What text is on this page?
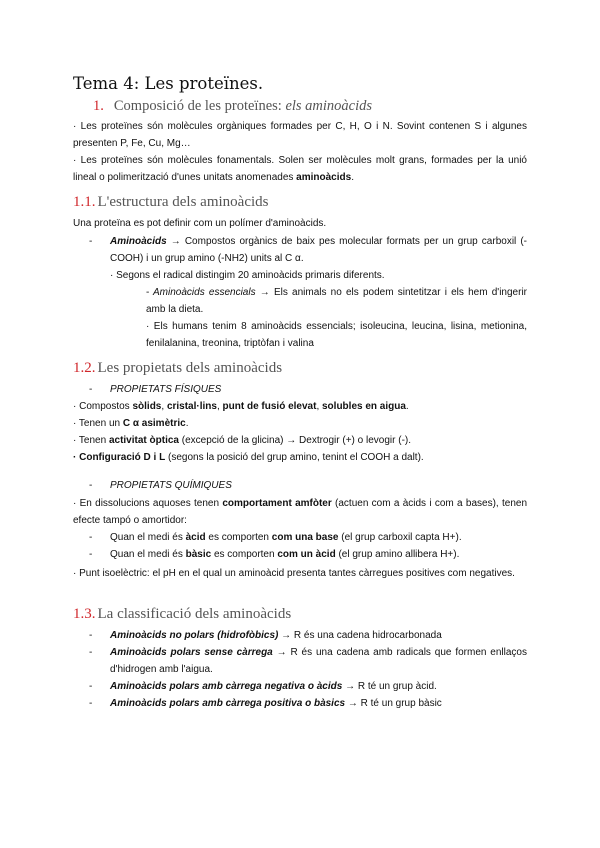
Tema 4: Les proteïnes.
1. Composició de les proteïnes: els aminoàcids
· Les proteïnes són molècules orgàniques formades per C, H, O i N. Sovint contenen S i algunes presenten P, Fe, Cu, Mg…
· Les proteïnes són molècules fonamentals. Solen ser molècules molt grans, formades per la unió lineal o polimerització d'unes unitats anomenades aminoàcids.
1.1. L'estructura dels aminoàcids
Una proteïna es pot definir com un polímer d'aminoàcids.
- Aminoàcids → Compostos orgànics de baix pes molecular formats per un grup carboxil (-COOH) i un grup amino (-NH2) units al C α.
· Segons el radical distingim 20 aminoàcids primaris diferents.
- Aminoàcids essencials → Els animals no els podem sintetitzar i els hem d'ingerir amb la dieta.
· Els humans tenim 8 aminoàcids essencials; isoleucina, leucina, lisina, metionina, fenilalanina, treonina, triptòfan i valina
1.2. Les propietats dels aminoàcids
- PROPIETATS FÍSIQUES
· Compostos sòlids, cristal·lins, punt de fusió elevat, solubles en aigua.
· Tenen un C α asimètric.
· Tenen activitat òptica (excepció de la glicina) → Dextrogir (+) o levogir (-).
· Configuració D i L (segons la posició del grup amino, tenint el COOH a dalt).
- PROPIETATS QUÍMIQUES
· En dissolucions aquoses tenen comportament amfòter (actuen com a àcids i com a bases), tenen efecte tampó o amortidor:
- Quan el medi és àcid es comporten com una base (el grup carboxil capta H+).
- Quan el medi és bàsic es comporten com un àcid (el grup amino allibera H+).
· Punt isoelèctric: el pH en el qual un aminoàcid presenta tantes càrregues positives com negatives.
1.3. La classificació dels aminoàcids
- Aminoàcids no polars (hidrofòbics) → R és una cadena hidrocarbonada
- Aminoàcids polars sense càrrega → R és una cadena amb radicals que formen enllaços d'hidrogen amb l'aigua.
- Aminoàcids polars amb càrrega negativa o àcids → R té un grup àcid.
- Aminoàcids polars amb càrrega positiva o bàsics → R té un grup bàsic
